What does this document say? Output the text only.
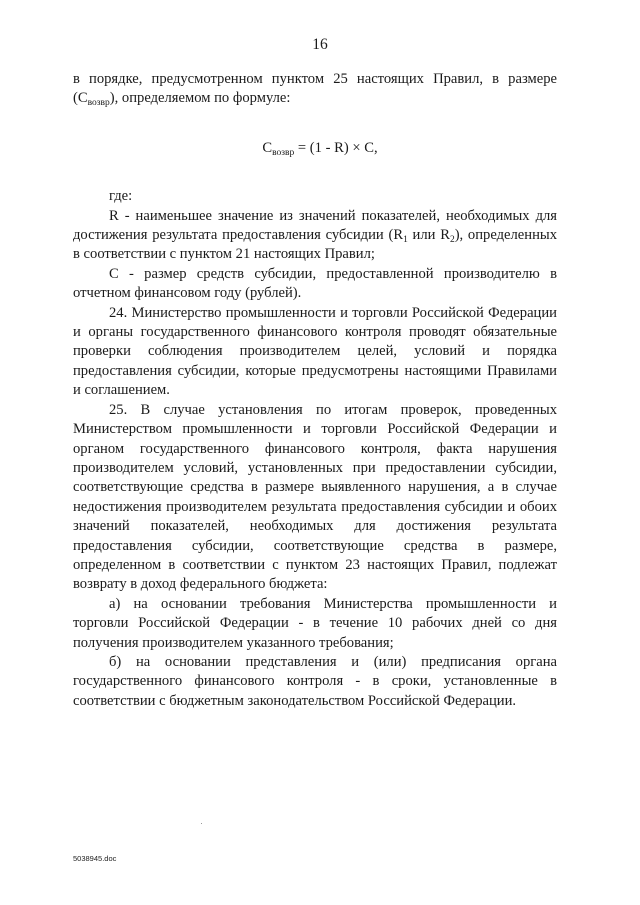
16

в порядке, предусмотренном пунктом 25 настоящих Правил, в размере $(С_{возвр})$, определяемом по формуле:

$С_{возвр} = (1 - R) \times С$,

где:

R - наименьшее значение из значений показателей, необходимых для достижения результата предоставления субсидии ($R_1$ или $R_2$), определенных в соответствии с пунктом 21 настоящих Правил;

С - размер средств субсидии, предоставленной производителю в отчетном финансовом году (рублей).

24. Министерство промышленности и торговли Российской Федерации и органы государственного финансового контроля проводят обязательные проверки соблюдения производителем целей, условий и порядка предоставления субсидии, которые предусмотрены настоящими Правилами и соглашением.

25. В случае установления по итогам проверок, проведенных Министерством промышленности и торговли Российской Федерации и органом государственного финансового контроля, факта нарушения производителем условий, установленных при предоставлении субсидии, соответствующие средства в размере выявленного нарушения, а в случае недостижения производителем результата предоставления субсидии и обоих значений показателей, необходимых для достижения результата предоставления субсидии, соответствующие средства в размере, определенном в соответствии с пунктом 23 настоящих Правил, подлежат возврату в доход федерального бюджета:

а) на основании требования Министерства промышленности и торговли Российской Федерации - в течение 10 рабочих дней со дня получения производителем указанного требования;

б) на основании представления и (или) предписания органа государственного финансового контроля - в сроки, установленные в соответствии с бюджетным законодательством Российской Федерации.

5038945.doc
